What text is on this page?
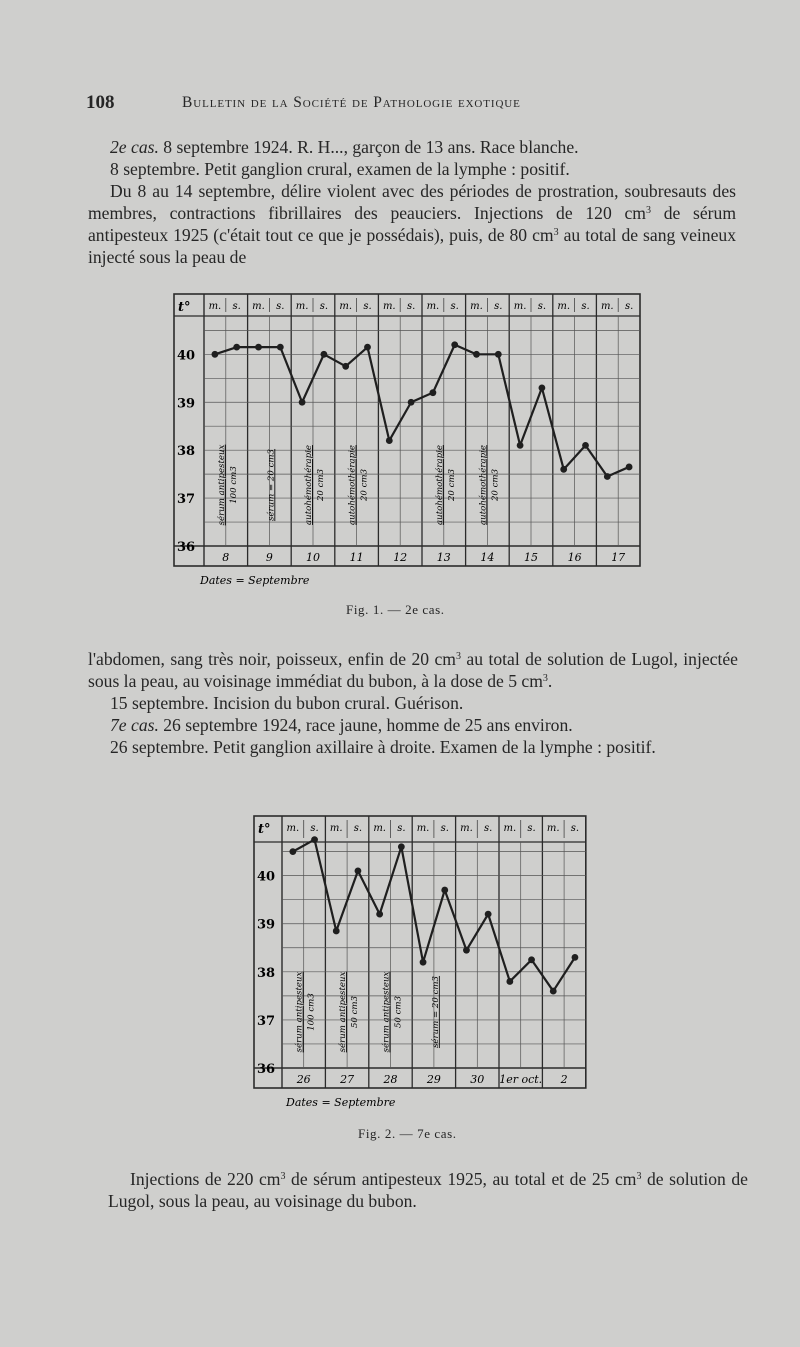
108	Bulletin de la Société de Pathologie exotique

2e cas. 8 septembre 1924. R. H..., garçon de 13 ans. Race blanche.

8 septembre. Petit ganglion crural, examen de la lymphe : positif.

Du 8 au 14 septembre, délire violent avec des périodes de prostration, soubresauts des membres, contractions fibrillaires des peauciers. Injections de 120 $cm^3$ de sérum antipesteux 1925 (c'était tout ce que je possédais), puis, de 80 $cm^3$ au total de sang veineux injecté sous la peau de

m. s.
8
m. s.
9
m. s.
10
m. s.
11
m. s.
12
m. s.
13
m. s.
14
m. s.
15
m. s.
16
m. s.
17
t°
36
37
38
39
40
sérum antipesteux 100 cm3	sérum = 20 cm3	autohémothérapie 20 cm3	autohémothérapie 20 cm3	autohémothérapie 20 cm3	autohémothérapie 20 cm3
Dates = Septembre
Fig. 1. — 2e cas.

l'abdomen, sang très noir, poisseux, enfin de 20 $cm^3$ au total de solution de Lugol, injectée sous la peau, au voisinage immédiat du bubon, à la dose de 5 $cm^3$.

15 septembre. Incision du bubon crural. Guérison.

7e cas. 26 septembre 1924, race jaune, homme de 25 ans environ.

26 septembre. Petit ganglion axillaire à droite. Examen de la lymphe : positif.

m. s.
26
m. s.
27
m. s.
28
m. s.
29
m. s.
30
m. s.
1er oct.
m. s.
2
t°
36
37
38
39
40
sérum antipesteux 100 cm3 sérum antipesteux 50 cm3 sérum antipesteux 50 cm3	sérum = 20 cm3
Dates = Septembre
Fig. 2. — 7e cas.

Injections de 220 $cm^3$ de sérum antipesteux 1925, au total et de 25 $cm^3$ de solution de Lugol, sous la peau, au voisinage du bubon.
